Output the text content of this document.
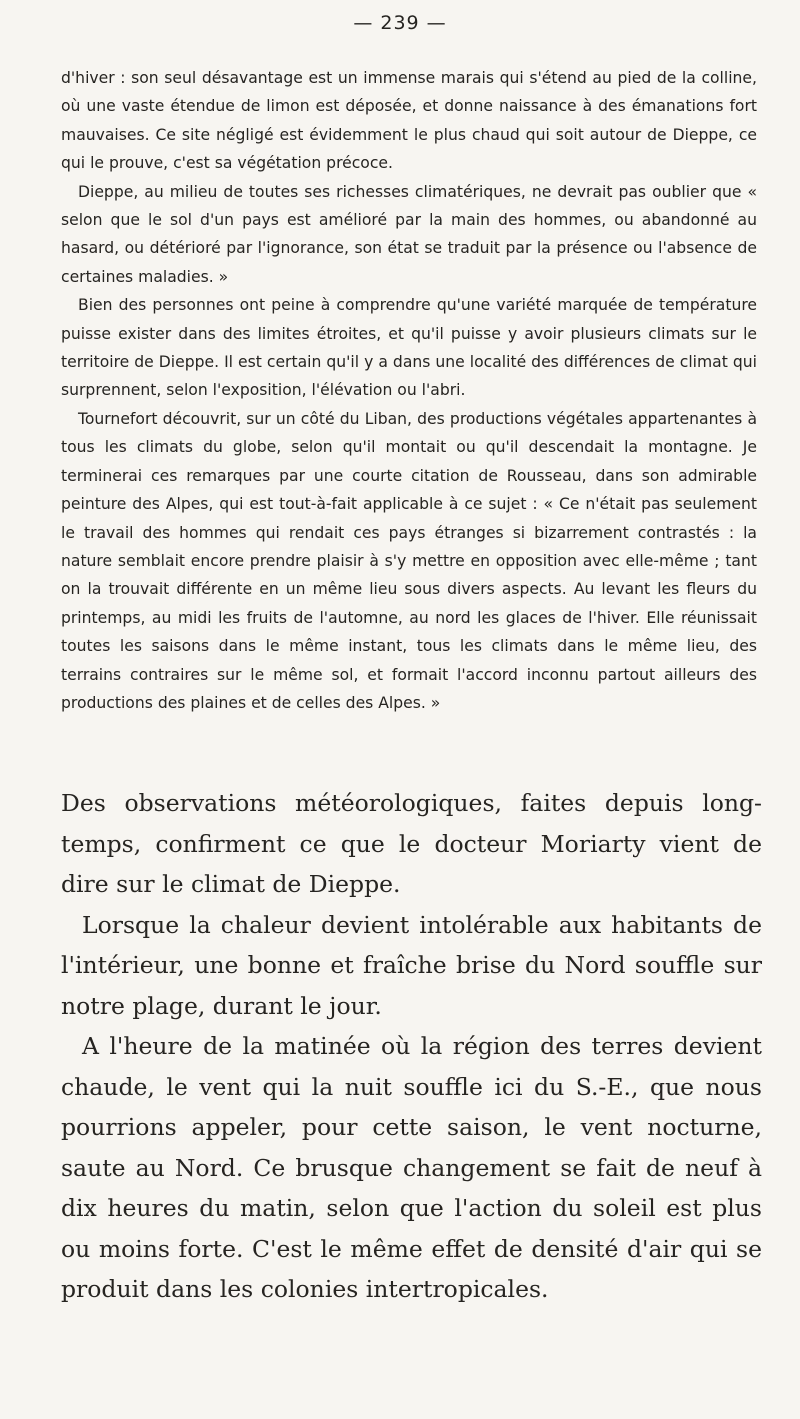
— 239 —

d'hiver : son seul désavantage est un immense marais qui s'étend au pied de la colline, où une vaste étendue de limon est déposée, et donne naissance à des émanations fort mauvaises. Ce site négligé est évidemment le plus chaud qui soit autour de Dieppe, ce qui le prouve, c'est sa végétation précoce.

Dieppe, au milieu de toutes ses richesses climatériques, ne devrait pas oublier que « selon que le sol d'un pays est amélioré par la main des hommes, ou abandonné au hasard, ou détérioré par l'ignorance, son état se traduit par la présence ou l'absence de certaines maladies. »

Bien des personnes ont peine à comprendre qu'une variété marquée de température puisse exister dans des limites étroites, et qu'il puisse y avoir plusieurs climats sur le territoire de Dieppe. Il est certain qu'il y a dans une localité des différences de climat qui surprennent, selon l'exposition, l'élévation ou l'abri.

Tournefort découvrit, sur un côté du Liban, des productions végétales appartenantes à tous les climats du globe, selon qu'il montait ou qu'il descendait la montagne. Je terminerai ces remarques par une courte citation de Rousseau, dans son admirable peinture des Alpes, qui est tout-à-fait applicable à ce sujet : « Ce n'était pas seulement le travail des hommes qui rendait ces pays étranges si bizarrement contrastés : la nature semblait encore prendre plaisir à s'y mettre en opposition avec elle-même ; tant on la trouvait différente en un même lieu sous divers aspects. Au levant les fleurs du printemps, au midi les fruits de l'automne, au nord les glaces de l'hiver. Elle réunissait toutes les saisons dans le même instant, tous les climats dans le même lieu, des terrains contraires sur le même sol, et formait l'accord inconnu partout ailleurs des productions des plaines et de celles des Alpes. »

Des observations météorologiques, faites depuis long-temps, confirment ce que le docteur Moriarty vient de dire sur le climat de Dieppe.

Lorsque la chaleur devient intolérable aux habitants de l'intérieur, une bonne et fraîche brise du Nord souffle sur notre plage, durant le jour.

A l'heure de la matinée où la région des terres devient chaude, le vent qui la nuit souffle ici du S.-E., que nous pourrions appeler, pour cette saison, le vent nocturne, saute au Nord. Ce brusque changement se fait de neuf à dix heures du matin, selon que l'action du soleil est plus ou moins forte. C'est le même effet de densité d'air qui se produit dans les colonies intertropicales.
